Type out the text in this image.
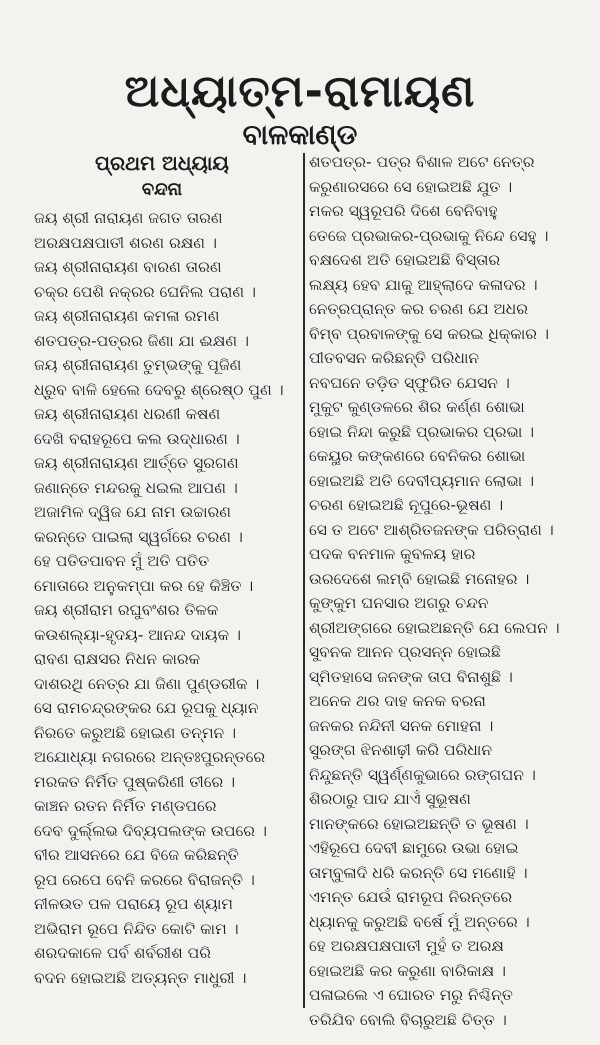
ଅଧ୍ୟାତ୍ମ-ରାମାୟଣ
ବାଳକାଣ୍ଡ
ପ୍ରଥମ ଅଧ୍ୟାୟ
ବନ୍ଦନା
ଜୟ ଶ୍ରୀ ନାରାୟଣ ଜଗତ ତାରଣ
ଅରକ୍ଷପକ୍ଷପାତୀ ଶରଣ ରକ୍ଷଣ ।
ଜୟ ଶ୍ରୀନାରାୟଣ ବାରଣ ତାରଣ
ଚକ୍ର ପେଶି ନକ୍ରର ଘେନିଲ ପରାଣ ।
ଜୟ ଶ୍ରୀନାରାୟଣ କମଳା ରମଣ
ଶତପତ୍ର-ପତ୍ରର ଜିଣା ଯା ଈକ୍ଷଣ ।
ଜୟ ଶ୍ରୀନାରାୟଣ ତୁମ୍ଭଙ୍କୁ ପୂଜିଣ
ଧ୍ରୁବ ବାଳି ହେଲେ ଦେବରୁ ଶ୍ରେଷ୍ଠ ପୁଣ ।
ଜୟ ଶ୍ରୀନାରାୟଣ ଧରଣୀ କଷଣ
ଦେଖି ବରାହରୂପେ କଲ ଉଦ୍ଧାରଣ ।
ଜୟ ଶ୍ରୀନାରାୟଣ ଆର୍ତ୍ତେ ସୁରଗଣ
ଜଣାନ୍ତେ ମନ୍ଦରକୁ ଧଇଲ ଆପଣ ।
ଅଜାମିଳ ଦ୍ୱିଜ ଯେ ନାମ ଉଚ୍ଚାରଣ
କରନ୍ତେ ପାଇଲା ସ୍ୱର୍ଗରେ ଚରଣ ।
ହେ ପତିତପାବନ ମୁଁ ଅତି ପତିତ
ମୋତାରେ ଅନୁକମ୍ପା କର ହେ କିଞ୍ଚିତ ।
ଜୟ ଶ୍ରୀରାମ ରଘୁବଂଶର ତିଳକ
କଉଶଲ୍ୟା-ହୃଦୟ- ଆନନ୍ଦ ଦାୟକ ।
ରାବଣ ରାକ୍ଷସର ନିଧନ କାରକ
ଦାଶରଥି ନେତ୍ର ଯା ଜିଣା ପୁଣ୍ଡରୀକ ।
ସେ ରାମଚନ୍ଦ୍ରଙ୍କର ଯେ ରୂପକୁ ଧ୍ୟାନ
ନିରତେ କରୁଅଛି ହୋଇଣ ତନ୍ମନ ।
ଅଯୋଧ୍ୟା ନଗରରେ ଅନ୍ତଃପୁରନ୍ତରେ
ମରକତ ନିର୍ମିତ ପୁଷ୍କରିଣୀ ତୀରେ ।
କାଞ୍ଚନ ରତନ ନିର୍ମିତ ମଣ୍ଡପରେ
ଦେବ ଦୁର୍ଲ୍ଲଭ ଦିବ୍ୟପଲଙ୍କ ଉପରେ ।
ବୀର ଆସନରେ ଯେ ବିଜେ କରିଛନ୍ତି
ରୂପ ରେପେ ବେନି କରରେ ବିରାଜନ୍ତି ।
ନୀଳଉତ ପଳ ପରାୟେ ରୂପ ଶ୍ୟାମ
ଅଭିରାମ ରୂପେ ନିନ୍ଦିତ କୋଟି କାମ ।
ଶରଦକାଳେ ପର୍ବ ଶର୍ବରୀଶ ପରି
ବଦନ ହୋଇଅଛି ଅତ୍ୟନ୍ତ ମାଧୁରୀ ।
ଶତପତ୍ର- ପତ୍ର ବିଶାଳ ଅଟେ ନେତ୍ର
କରୁଣାରସରେ ସେ ହୋଇଅଛି ଯୁତ ।
ମକର ସ୍ୱରୂପରି ଦିଶେ ବେନିବାହୁ
ତେଜେ ପ୍ରଭାକର-ପ୍ରଭାକୁ ନିନ୍ଦେ ସେହୁ ।
ବକ୍ଷଦେଶ ଅତି ହୋଇଅଛି ବିସ୍ତାର
ଲକ୍ଷ୍ୟ ହେବ ଯାକୁ ଆହ୍ଲାଦେ କଳାଦର ।
ନେତ୍ରପ୍ରାନ୍ତ କର ଚରଣ ଯେ ଅଧର
ବିମ୍ବ ପ୍ରବାଳଙ୍କୁ ସେ କରଇ ଧିକ୍କାର ।
ପୀତବସନ କରିଛନ୍ତି ପରିଧାନ
ନବଘନେ ତଡ଼ିତ ସ୍ଫୁରିତ ଯେସନ ।
ମୁକୁଟ କୁଣ୍ଡଳରେ ଶିର କର୍ଣ୍ଣ ଶୋଭା
ହୋଇ ନିନ୍ଦା କରୁଛି ପ୍ରଭାକର ପ୍ରଭା ।
କେୟୁର କଙ୍କଣରେ ବେନିକର ଶୋଭା
ହୋଇଅଛି ଅତି ଦେବୀପ୍ୟମାନ ଲୋଭା ।
ଚରଣ ହୋଇଅଛି ନୂପୁରେ-ଭୂଷଣ ।
ସେ ତ ଅଟେ ଆଶ୍ରିତଜନଙ୍କ ପରିତ୍ରାଣ ।
ପଦକ ବନମାଳ କୁବଳୟ ହାର
ଉରଦେଶେ ଲମ୍ବି ହୋଇଛି ମନୋହର ।
କୁଙ୍କୁମ ଘନସାର ଅଗରୁ ଚନ୍ଦନ
ଶ୍ରୀଅଙ୍ଗରେ ହୋଇଅଛନ୍ତି ଯେ ଲେପନ ।
ସୁବନକ ଆନନ ପ୍ରସନ୍ନ ହୋଇଛି
ସ୍ମିତହାସେ ଜନଙ୍କ ତାପ ବିନାଶୁଛି ।
ଅନେକ ଥର ଦାହ କନକ ବରନା
ଜନକର ନନ୍ଦିନୀ ସନକ ମୋହନା ।
ସୁରଙ୍ଗ ଝିନଶାଢ଼ୀ କରି ପରିଧାନ
ନିନ୍ଦୁଛନ୍ତି ସ୍ୱର୍ଣ୍ଣକୁଭାରେ ରଙ୍ଗଘନ ।
ଶିରଠାରୁ ପାଦ ଯାଏଁ ସୁଭୂଷଣ
ମାନଙ୍କରେ ହୋଇଅଛନ୍ତି ତ ଭୂଷଣ ।
ଏହିରୂପେ ଦେବୀ ଛାମୁରେ ଉଭା ହୋଇ
ତାମ୍ବୁଳାଦି ଧରି କରନ୍ତି ସେ ମଣୋହି ।
ଏମନ୍ତ ଯେଉଁ ରାମରୂପ ନିରନ୍ତରେ
ଧ୍ୟାନକୁ କରୁଅଛି ବର୍ଷେ ମୁଁ ଅନ୍ତରେ ।
ହେ ଅରକ୍ଷପକ୍ଷପାତୀ ମୁହଁ ତ ଅରକ୍ଷ
ହୋଇଅଛି କର କରୁଣା ବାରିକାକ୍ଷ ।
ପଳାଇଲେ ଏ ଘୋରତ ମରୁ ନିଶ୍ଚିନ୍ତ
ତରିଯିବ ବୋଲି ବିଚାରୁଅଛି ଚିତ୍ତ ।
